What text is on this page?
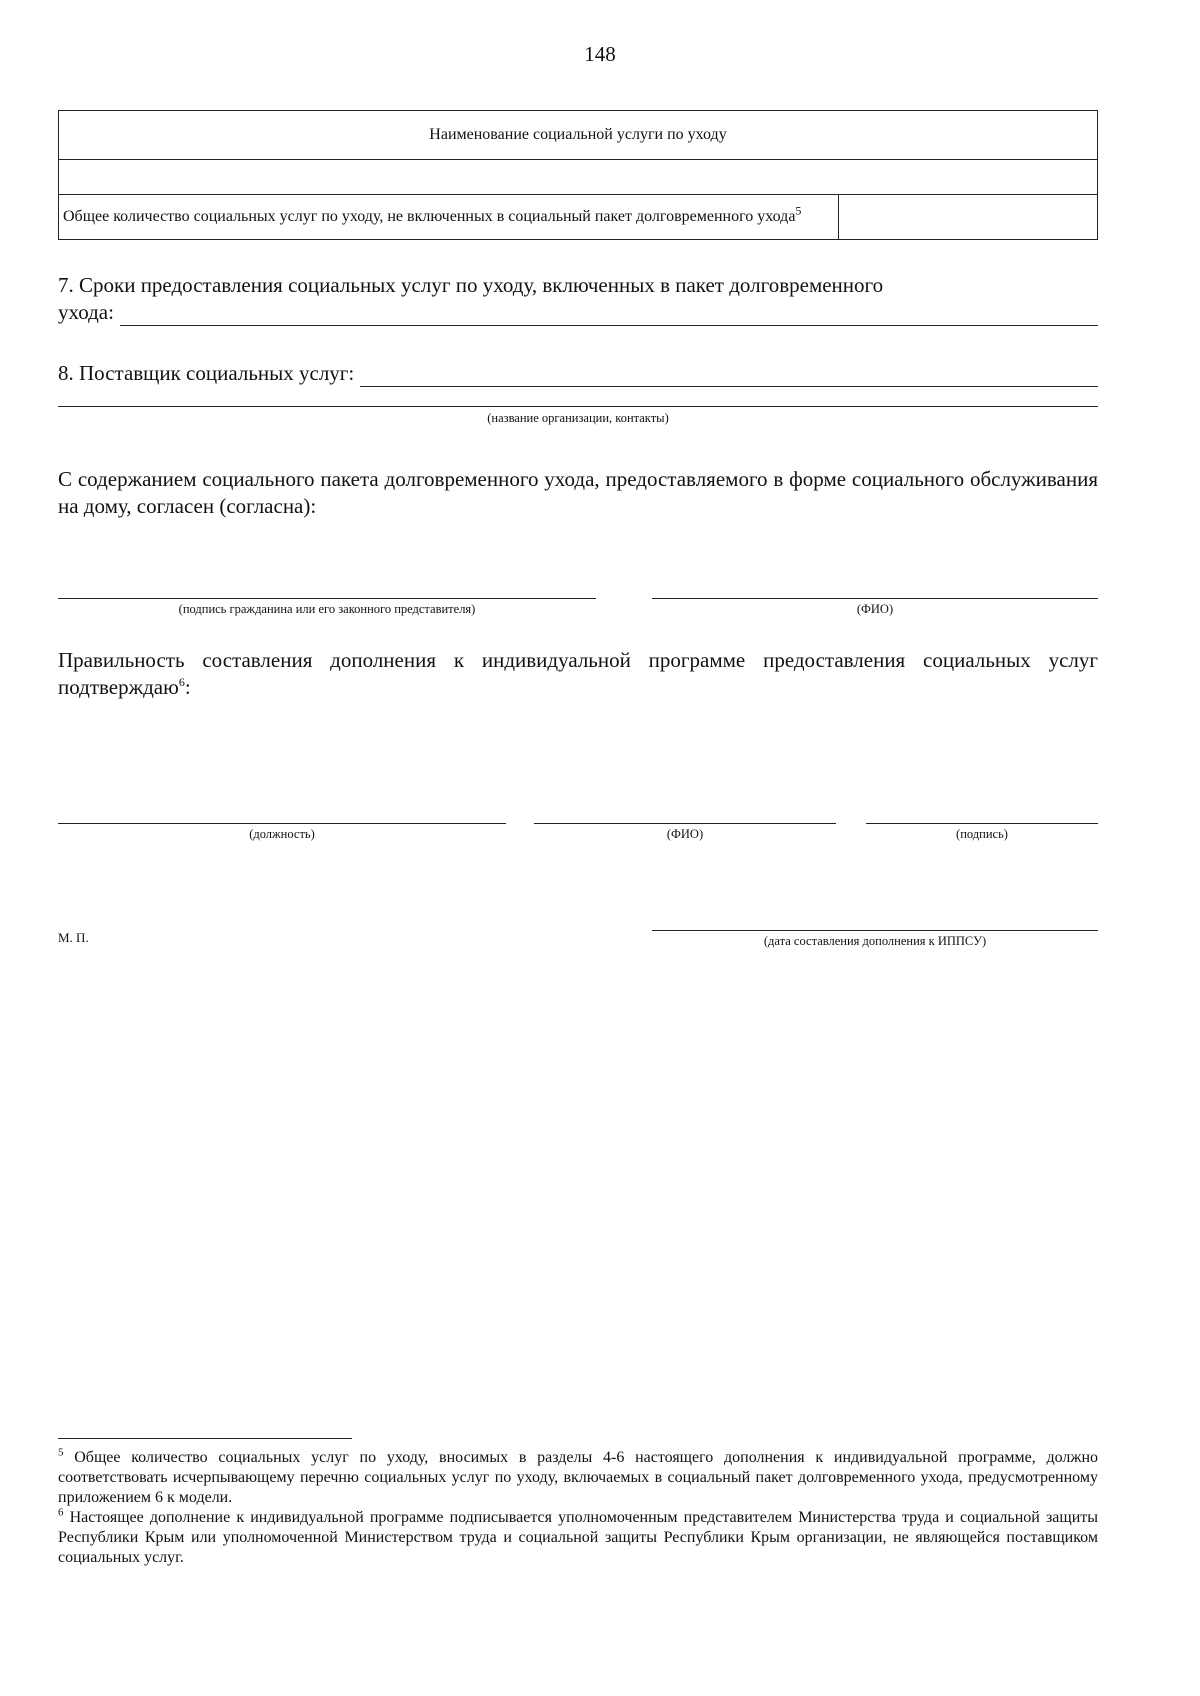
148
Наименование социальной услуги по уходу

Общее количество социальных услуг по уходу, не включенных в социальный пакет долговременного ухода$^5$	
7. Сроки предоставления социальных услуг по уходу, включенных в пакет долговременного
ухода:
8. Поставщик социальных услуг:
(название организации, контакты)
С содержанием социального пакета долговременного ухода, предоставляемого в форме социального обслуживания на дому, согласен (согласна):
(подпись гражданина или его законного представителя)	(ФИО)
Правильность составления дополнения к индивидуальной программе предоставления социальных услуг подтверждаю$^6$:
(должность)	(ФИО)	(подпись)
М. П.	(дата составления дополнения к ИППСУ)

$^5$ Общее количество социальных услуг по уходу, вносимых в разделы 4-6 настоящего дополнения к индивидуальной программе, должно соответствовать исчерпывающему перечню социальных услуг по уходу, включаемых в социальный пакет долговременного ухода, предусмотренному приложением 6 к модели.

$^6$ Настоящее дополнение к индивидуальной программе подписывается уполномоченным представителем Министерства труда и социальной защиты Республики Крым или уполномоченной Министерством труда и социальной защиты Республики Крым организации, не являющейся поставщиком социальных услуг.
